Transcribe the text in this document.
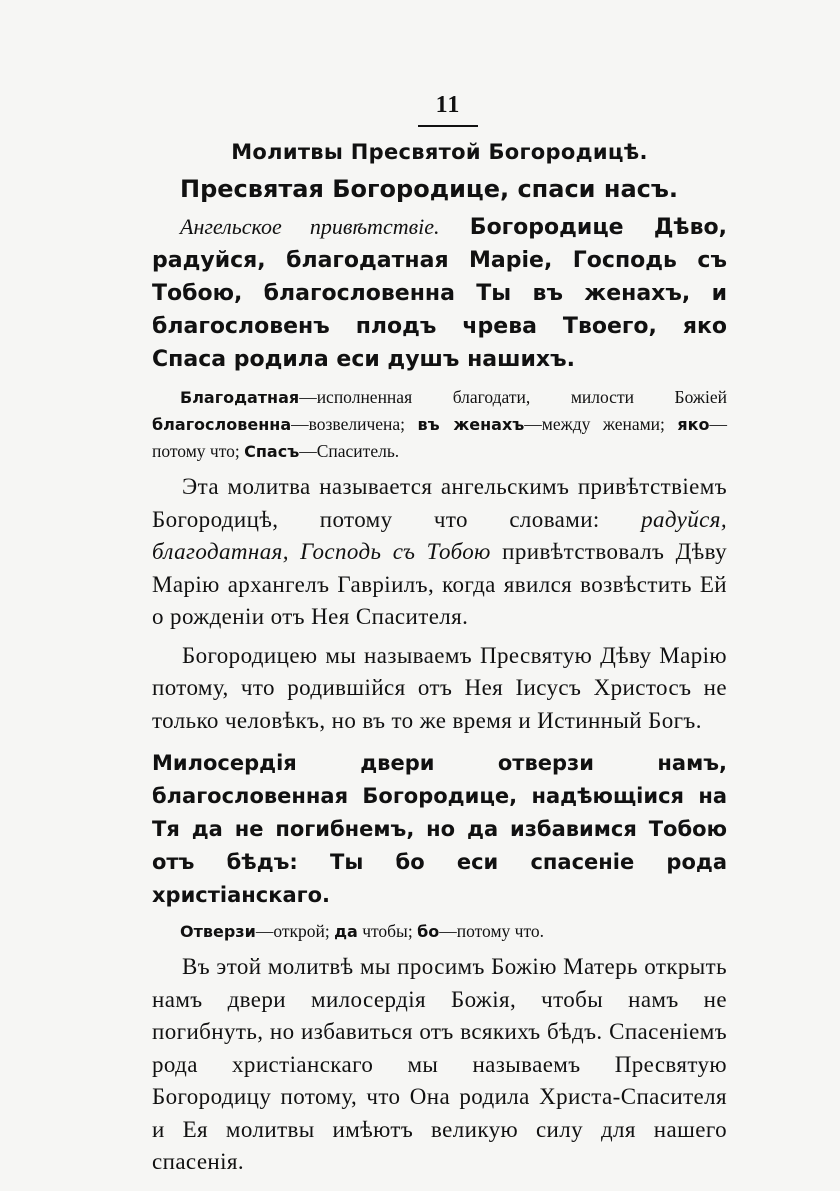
11
Молитвы Пресвятой Богородицѣ.
Пресвятая Богородице, спаси насъ.

Ангельское привѣтствіе. Богородице Дѣво, радуйся, благодатная Маріе, Господь съ Тобою, благословенна Ты въ женахъ, и благословенъ плодъ чрева Твоего, яко Спаса родила еси душъ нашихъ.

Благодатная—исполненная благодати, милости Божіей благословенна—возвеличена; въ женахъ—между женами; яко—потому что; Спасъ—Спаситель.

Эта молитва называется ангельскимъ привѣтствіемъ Богородицѣ, потому что словами: радуйся, благодатная, Господь съ Тобою привѣтствовалъ Дѣву Марію архангелъ Гавріилъ, когда явился возвѣстить Ей о рожденіи отъ Нея Спасителя.

Богородицею мы называемъ Пресвятую Дѣву Марію потому, что родившійся отъ Нея Іисусъ Христосъ не только человѣкъ, но въ то же время и Истинный Богъ.

Милосердія двери отверзи намъ, благословенная Богородице, надѣющіися на Тя да не погибнемъ, но да избавимся Тобою отъ бѣдъ: Ты бо еси спасеніе рода христіанскаго.

Отверзи—открой; да чтобы; бо—потому что.

Въ этой молитвѣ мы просимъ Божію Матерь открыть намъ двери милосердія Божія, чтобы намъ не погибнуть, но избавиться отъ всякихъ бѣдъ. Спасеніемъ рода христіанскаго мы называемъ Пресвятую Богородицу потому, что Она родила Христа-Спасителя и Ея молитвы имѣютъ великую силу для нашего спасенія.
